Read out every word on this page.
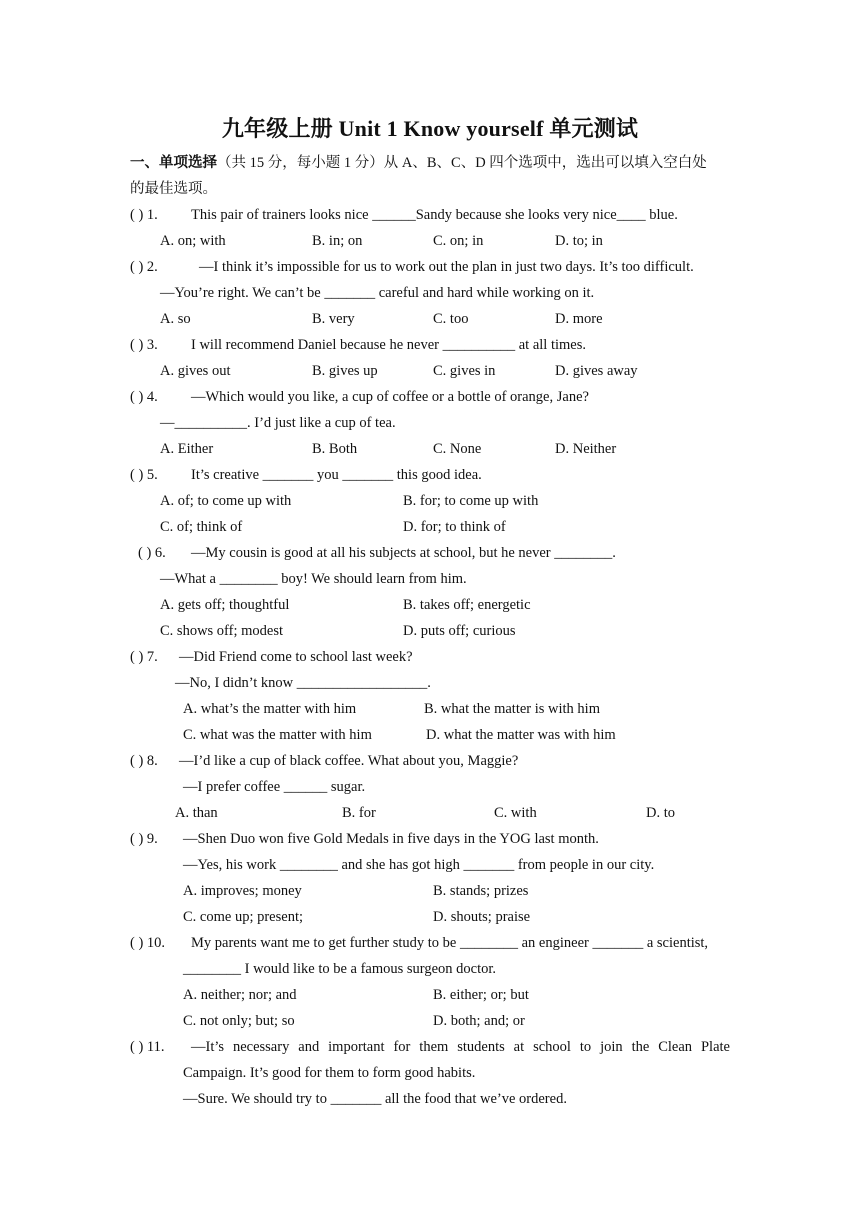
九年级上册 Unit 1 Know yourself 单元测试
一、单项选择（共 15 分，每小题 1 分）从 A、B、C、D 四个选项中，选出可以填入空白处
的最佳选项。
( ) 1. This pair of trainers looks nice ______Sandy because she looks very nice____ blue.
A. on; with	B. in; on	C. on; in	D. to; in
( ) 2.	—I think it’s impossible for us to work out the plan in just two days. It’s too difficult.
—You’re right. We can’t be _______ careful and hard while working on it.
A. so	B. very	C. too	D. more
( ) 3. I will recommend Daniel because he never __________ at all times.
A. gives out	B. gives up	C. gives in	D. gives away
( ) 4. —Which would you like, a cup of coffee or a bottle of orange, Jane?
—__________. I’d just like a cup of tea.
A. Either	B. Both	C. None	D. Neither
( ) 5. It’s creative _______ you _______ this good idea.
A. of; to come up with	B. for; to come up with
C. of; think of	D. for; to think of
( ) 6. —My cousin is good at all his subjects at school, but he never ________.
—What a ________ boy! We should learn from him.
A. gets off; thoughtful	B. takes off; energetic
C. shows off; modest	D. puts off; curious
( ) 7. —Did Friend come to school last week?
—No, I didn’t know __________________.
A. what’s the matter with him	B. what the matter is with him
C. what was the matter with him	D. what the matter was with him
( ) 8. —I’d like a cup of black coffee. What about you, Maggie?
—I prefer coffee ______ sugar.
A. than	B. for	C. with	D. to
( ) 9. —Shen Duo won five Gold Medals in five days in the YOG last month.
—Yes, his work ________ and she has got high _______ from people in our city.
A. improves; money	B. stands; prizes
C. come up; present;	D. shouts; praise
( ) 10. My parents want me to get further study to be ________ an engineer _______ a scientist,
________ I would like to be a famous surgeon doctor.
A. neither; nor; and	B. either; or; but
C. not only; but; so	D. both; and; or
( ) 11. —It’s necessary and important for them students at school to join the Clean Plate
Campaign. It’s good for them to form good habits.
—Sure. We should try to _______ all the food that we’ve ordered.
